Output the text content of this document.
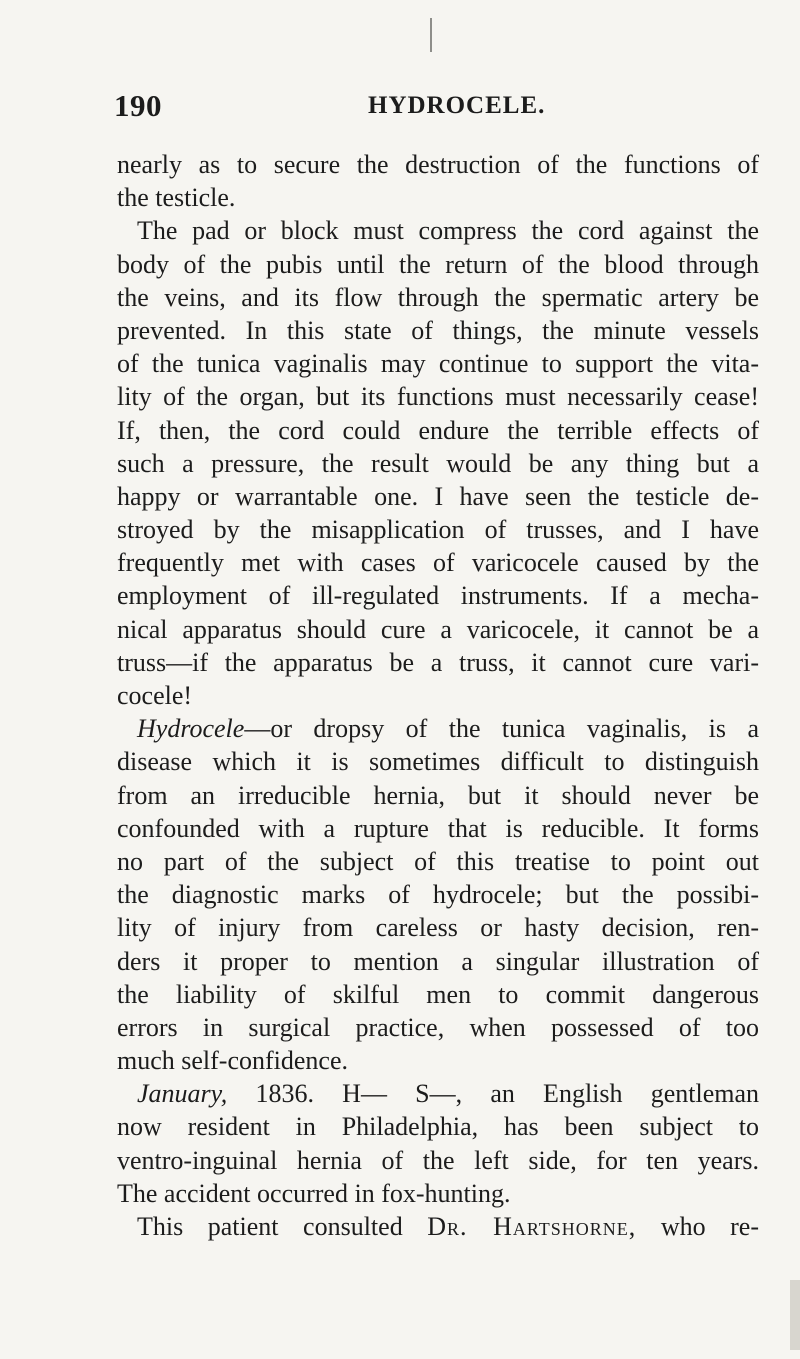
190	HYDROCELE.
nearly as to secure the destruction of the functions of
the testicle.
The pad or block must compress the cord against the
body of the pubis until the return of the blood through
the veins, and its flow through the spermatic artery be
prevented. In this state of things, the minute vessels
of the tunica vaginalis may continue to support the vita-
lity of the organ, but its functions must necessarily cease!
If, then, the cord could endure the terrible effects of
such a pressure, the result would be any thing but a
happy or warrantable one. I have seen the testicle de-
stroyed by the misapplication of trusses, and I have
frequently met with cases of varicocele caused by the
employment of ill-regulated instruments. If a mecha-
nical apparatus should cure a varicocele, it cannot be a
truss—if the apparatus be a truss, it cannot cure vari-
cocele!
Hydrocele—or dropsy of the tunica vaginalis, is a
disease which it is sometimes difficult to distinguish
from an irreducible hernia, but it should never be
confounded with a rupture that is reducible. It forms
no part of the subject of this treatise to point out
the diagnostic marks of hydrocele; but the possibi-
lity of injury from careless or hasty decision, ren-
ders it proper to mention a singular illustration of
the liability of skilful men to commit dangerous
errors in surgical practice, when possessed of too
much self-confidence.
January, 1836. H— S—, an English gentleman
now resident in Philadelphia, has been subject to
ventro-inguinal hernia of the left side, for ten years.
The accident occurred in fox-hunting.
This patient consulted Dr. Hartshorne, who re-
